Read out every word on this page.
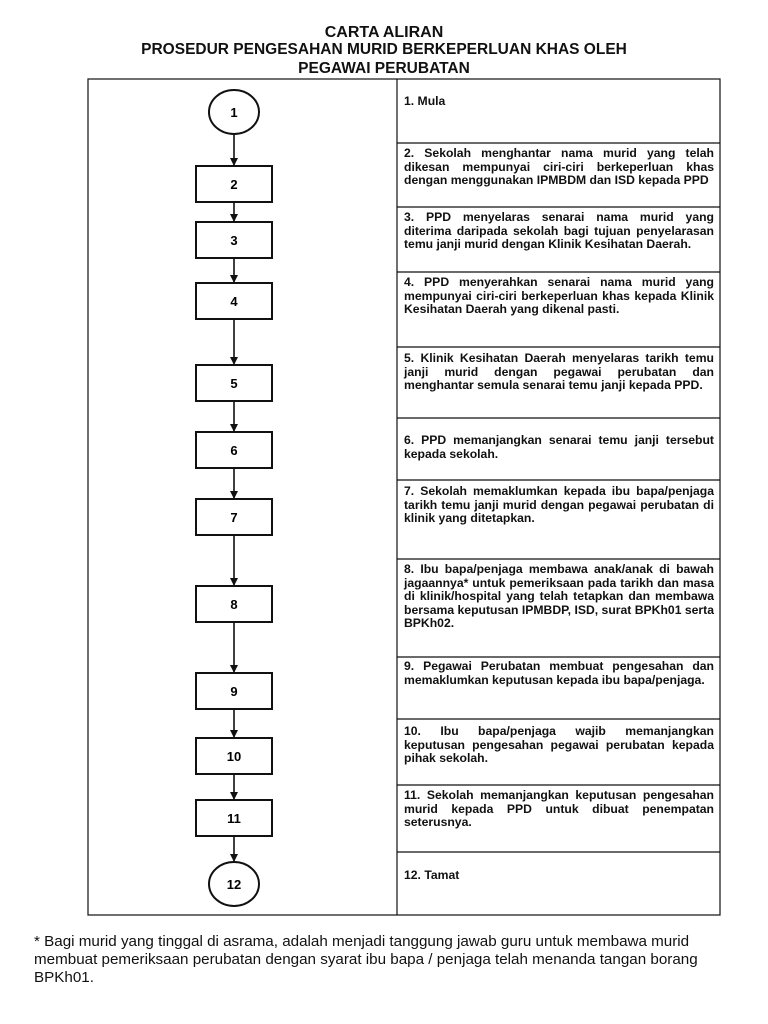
CARTA ALIRAN
PROSEDUR PENGESAHAN MURID BERKEPERLUAN KHAS OLEH
PEGAWAI PERUBATAN
1
2
3
4
5
6
7
8
9
10
11
12
1. Mula
2. Sekolah menghantar nama murid yang telah dikesan mempunyai ciri-ciri berkeperluan khas dengan menggunakan IPMBDM dan ISD kepada PPD
3. PPD menyelaras senarai nama murid yang diterima daripada sekolah bagi tujuan penyelarasan temu janji murid dengan Klinik Kesihatan Daerah.
4. PPD menyerahkan senarai nama murid yang mempunyai ciri-ciri berkeperluan khas kepada Klinik Kesihatan Daerah yang dikenal pasti.
5. Klinik Kesihatan Daerah menyelaras tarikh temu janji murid dengan pegawai perubatan dan menghantar semula senarai temu janji kepada PPD.
6. PPD memanjangkan senarai temu janji tersebut kepada sekolah.
7. Sekolah memaklumkan kepada ibu bapa/penjaga tarikh temu janji murid dengan pegawai perubatan di klinik yang ditetapkan.
8. Ibu bapa/penjaga membawa anak/anak di bawah jagaannya* untuk pemeriksaan pada tarikh dan masa di klinik/hospital yang telah tetapkan dan membawa bersama keputusan IPMBDP, ISD, surat BPKh01 serta BPKh02.
9. Pegawai Perubatan membuat pengesahan dan memaklumkan keputusan kepada ibu bapa/penjaga.
10. Ibu bapa/penjaga wajib memanjangkan keputusan pengesahan pegawai perubatan kepada pihak sekolah.
11. Sekolah memanjangkan keputusan pengesahan murid kepada PPD untuk dibuat penempatan seterusnya.
12. Tamat
* Bagi murid yang tinggal di asrama, adalah menjadi tanggung jawab guru untuk membawa murid membuat pemeriksaan perubatan dengan syarat ibu bapa / penjaga telah menanda tangan borang BPKh01.
